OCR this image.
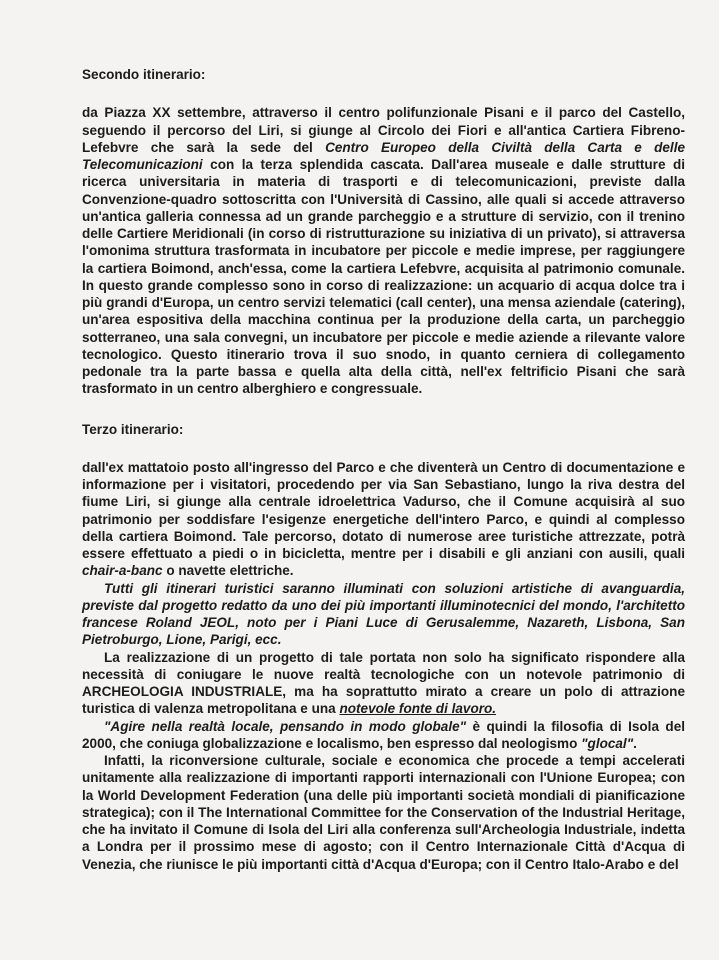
Secondo itinerario:

da Piazza XX settembre, attraverso il centro polifunzionale Pisani e il parco del Castello, seguendo il percorso del Liri, si giunge al Circolo dei Fiori e all'antica Cartiera Fibreno-Lefebvre che sarà la sede del Centro Europeo della Civiltà della Carta e delle Telecomunicazioni con la terza splendida cascata. Dall'area museale e dalle strutture di ricerca universitaria in materia di trasporti e di telecomunicazioni, previste dalla Convenzione-quadro sottoscritta con l'Università di Cassino, alle quali si accede attraverso un'antica galleria connessa ad un grande parcheggio e a strutture di servizio, con il trenino delle Cartiere Meridionali (in corso di ristrutturazione su iniziativa di un privato), si attraversa l'omonima struttura trasformata in incubatore per piccole e medie imprese, per raggiungere la cartiera Boimond, anch'essa, come la cartiera Lefebvre, acquisita al patrimonio comunale. In questo grande complesso sono in corso di realizzazione: un acquario di acqua dolce tra i più grandi d'Europa, un centro servizi telematici (call center), una mensa aziendale (catering), un'area espositiva della macchina continua per la produzione della carta, un parcheggio sotterraneo, una sala convegni, un incubatore per piccole e medie aziende a rilevante valore tecnologico. Questo itinerario trova il suo snodo, in quanto cerniera di collegamento pedonale tra la parte bassa e quella alta della città, nell'ex feltrificio Pisani che sarà trasformato in un centro alberghiero e congressuale.

Terzo itinerario:

dall'ex mattatoio posto all'ingresso del Parco e che diventerà un Centro di documentazione e informazione per i visitatori, procedendo per via San Sebastiano, lungo la riva destra del fiume Liri, si giunge alla centrale idroelettrica Vadurso, che il Comune acquisirà al suo patrimonio per soddisfare l'esigenze energetiche dell'intero Parco, e quindi al complesso della cartiera Boimond. Tale percorso, dotato di numerose aree turistiche attrezzate, potrà essere effettuato a piedi o in bicicletta, mentre per i disabili e gli anziani con ausili, quali chair-a-banc o navette elettriche.

Tutti gli itinerari turistici saranno illuminati con soluzioni artistiche di avanguardia, previste dal progetto redatto da uno dei più importanti illuminotecnici del mondo, l'architetto francese Roland JEOL, noto per i Piani Luce di Gerusalemme, Nazareth, Lisbona, San Pietroburgo, Lione, Parigi, ecc.

La realizzazione di un progetto di tale portata non solo ha significato rispondere alla necessità di coniugare le nuove realtà tecnologiche con un notevole patrimonio di ARCHEOLOGIA INDUSTRIALE, ma ha soprattutto mirato a creare un polo di attrazione turistica di valenza metropolitana e una notevole fonte di lavoro.

"Agire nella realtà locale, pensando in modo globale" è quindi la filosofia di Isola del 2000, che coniuga globalizzazione e localismo, ben espresso dal neologismo "glocal".

Infatti, la riconversione culturale, sociale e economica che procede a tempi accelerati unitamente alla realizzazione di importanti rapporti internazionali con l'Unione Europea; con la World Development Federation (una delle più importanti società mondiali di pianificazione strategica); con il The International Committee for the Conservation of the Industrial Heritage, che ha invitato il Comune di Isola del Liri alla conferenza sull'Archeologia Industriale, indetta a Londra per il prossimo mese di agosto; con il Centro Internazionale Città d'Acqua di Venezia, che riunisce le più importanti città d'Acqua d'Europa; con il Centro Italo-Arabo e del
